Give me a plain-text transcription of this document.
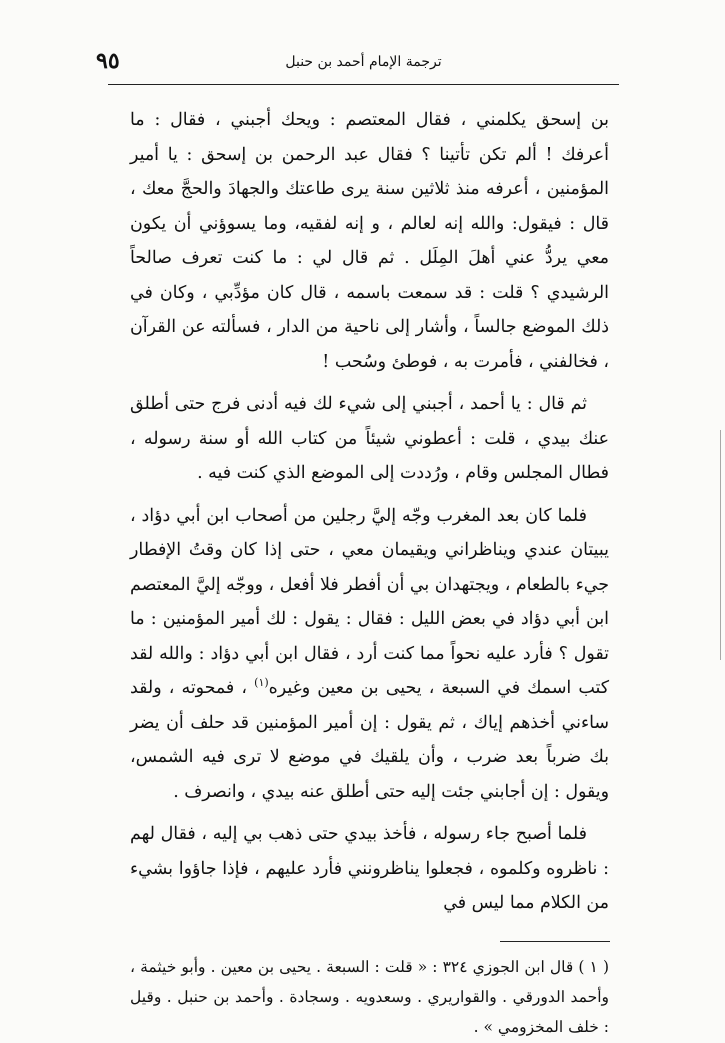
٩٥	ترجمة الإمام أحمد بن حنبل

بن إسحق يكلمني ، فقال المعتصم : ويحك أجبني ، فقال : ما أعرفك ! ألم تكن تأتينا ؟ فقال عبد الرحمن بن إسحق : يا أمير المؤمنين ، أعرفه منذ ثلاثين سنة يرى طاعتك والجهادَ والحجَّ معك ، قال : فيقول: والله إنه لعالم ، و إنه لفقيه، وما يسوؤني أن يكون معي يردُّ عني أهلَ المِلَل . ثم قال لي : ما كنت تعرف صالحاً الرشيدي ؟ قلت : قد سمعت باسمه ، قال كان مؤدِّبي ، وكان في ذلك الموضع جالساً ، وأشار إلى ناحية من الدار ، فسألته عن القرآن ، فخالفني ، فأمرت به ، فوطئ وسُحب !

ثم قال : يا أحمد ، أجبني إلى شيء لك فيه أدنى فرج حتى أطلق عنك بيدي ، قلت : أعطوني شيئاً من كتاب الله أو سنة رسوله ، فطال المجلس وقام ، ورُددت إلى الموضع الذي كنت فيه .

فلما كان بعد المغرب وجّه إليَّ رجلين من أصحاب ابن أبي دؤاد ، يبيتان عندي ويناظراني ويقيمان معي ، حتى إذا كان وقتُ الإفطار جيء بالطعام ، ويجتهدان بي أن أفطر فلا أفعل ، ووجّه إليَّ المعتصم ابن أبي دؤاد في بعض الليل : فقال : يقول : لك أمير المؤمنين : ما تقول ؟ فأرد عليه نحواً مما كنت أرد ، فقال ابن أبي دؤاد : والله لقد كتب اسمك في السبعة ، يحيى بن معين وغيره$^{(١)}$ ، فمحوته ، ولقد ساءني أخذهم إياك ، ثم يقول : إن أمير المؤمنين قد حلف أن يضر بك ضرباً بعد ضرب ، وأن يلقيك في موضع لا ترى فيه الشمس، ويقول : إن أجابني جئت إليه حتى أطلق عنه بيدي ، وانصرف .

فلما أصبح جاء رسوله ، فأخذ بيدي حتى ذهب بي إليه ، فقال لهم : ناظروه وكلموه ، فجعلوا يناظرونني فأرد عليهم ، فإذا جاؤوا بشيء من الكلام مما ليس في

( ١ ) قال ابن الجوزي ٣٢٤ : « قلت : السبعة . يحيى بن معين . وأبو خيثمة ، وأحمد الدورقي . والقواريري . وسعدويه . وسجادة . وأحمد بن حنبل . وقيل : خلف المخزومي » .
